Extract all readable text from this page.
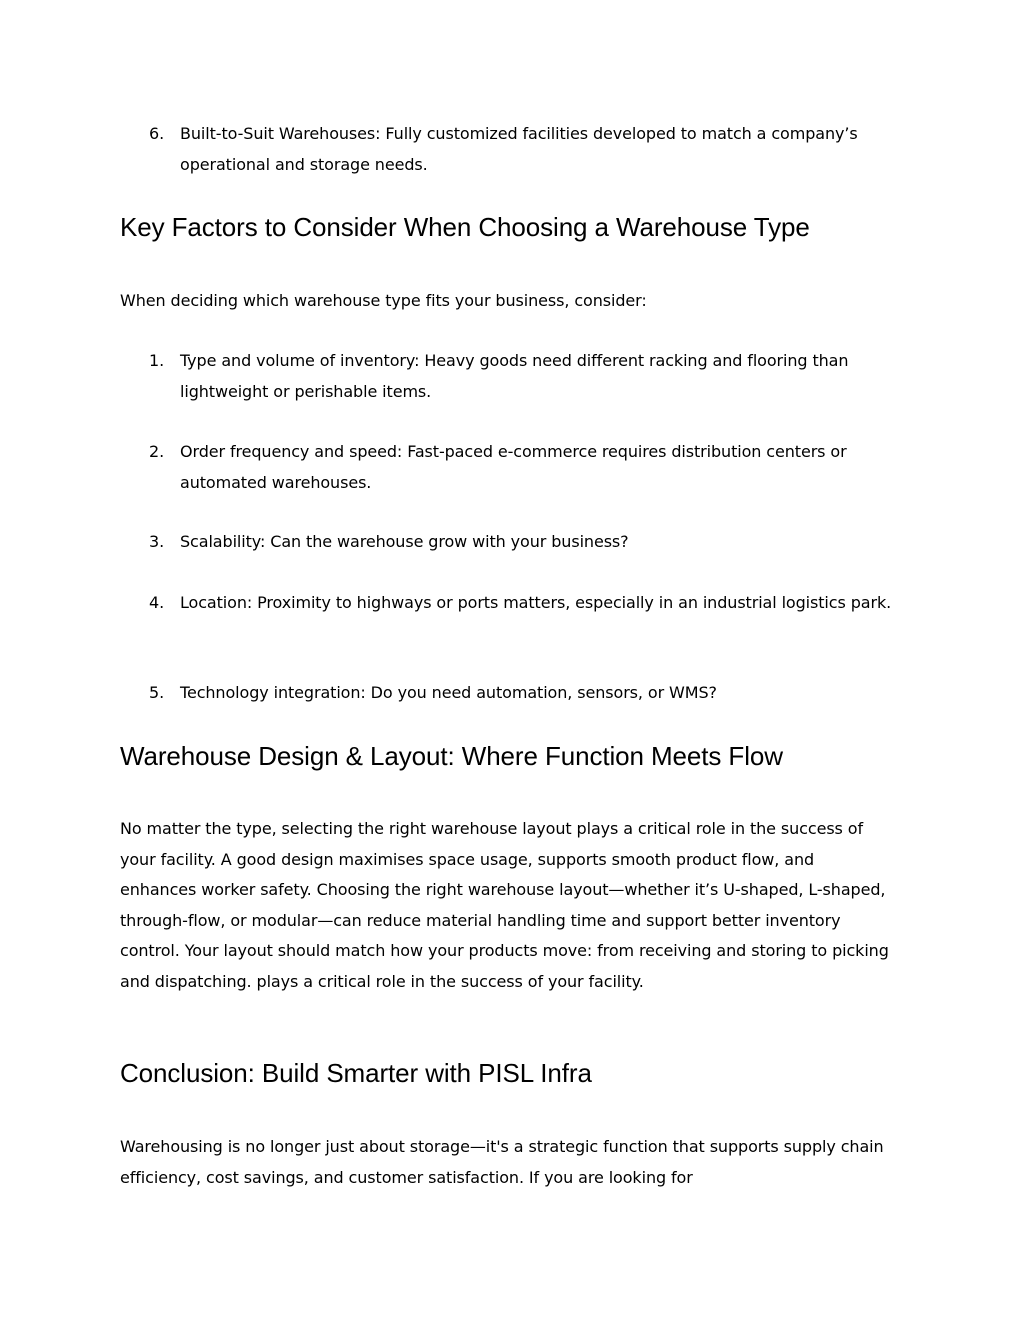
6. Built-to-Suit Warehouses: Fully customized facilities developed to match a company’s operational and storage needs.
Key Factors to Consider When Choosing a Warehouse Type

When deciding which warehouse type fits your business, consider:

1. Type and volume of inventory: Heavy goods need different racking and flooring than lightweight or perishable items.
2. Order frequency and speed: Fast-paced e-commerce requires distribution centers or automated warehouses.
3. Scalability: Can the warehouse grow with your business?
4. Location: Proximity to highways or ports matters, especially in an industrial logistics park.
5. Technology integration: Do you need automation, sensors, or WMS?
Warehouse Design & Layout: Where Function Meets Flow

No matter the type, selecting the right warehouse layout plays a critical role in the success of your facility. A good design maximises space usage, supports smooth product flow, and enhances worker safety. Choosing the right warehouse layout—whether it’s U-shaped, L-shaped, through-flow, or modular—can reduce material handling time and support better inventory control. Your layout should match how your products move: from receiving and storing to picking and dispatching. plays a critical role in the success of your facility.

Conclusion: Build Smarter with PISL Infra

Warehousing is no longer just about storage—it's a strategic function that supports supply chain efficiency, cost savings, and customer satisfaction. If you are looking for
